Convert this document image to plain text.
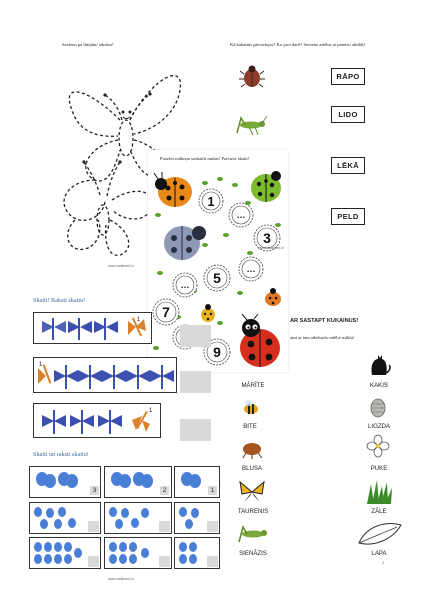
Savieno pa līnijām/ izkrāso!
www.tadidomi.lv
Kā kukainis pārvietojas? Ko prot darīt? Savieno attēlus ar pareizo atbildi!
RĀPO
LIDO
LĒKĀ
PELD
Puzzles mākoņu saskaitīt mušas! Pareizoi skaiti!
1
…
3
…
5
…
7
9
www.tadidomi.lv
Skaiti! Raksti skaitu!
1
1
1
Skaiti un raksti skaitu!
3	2	1
www.tadidomi.lv
AR SASTAPT KUKAINUS!
aini ar tam atbilstošo attēlu/ mīklu!
MĀRĪTE
BITE
BLUSA
TAURENIS
SIENĀZIS
KAKIS
LIGZDA
PUKE
ZĀLE
LAPA
2
